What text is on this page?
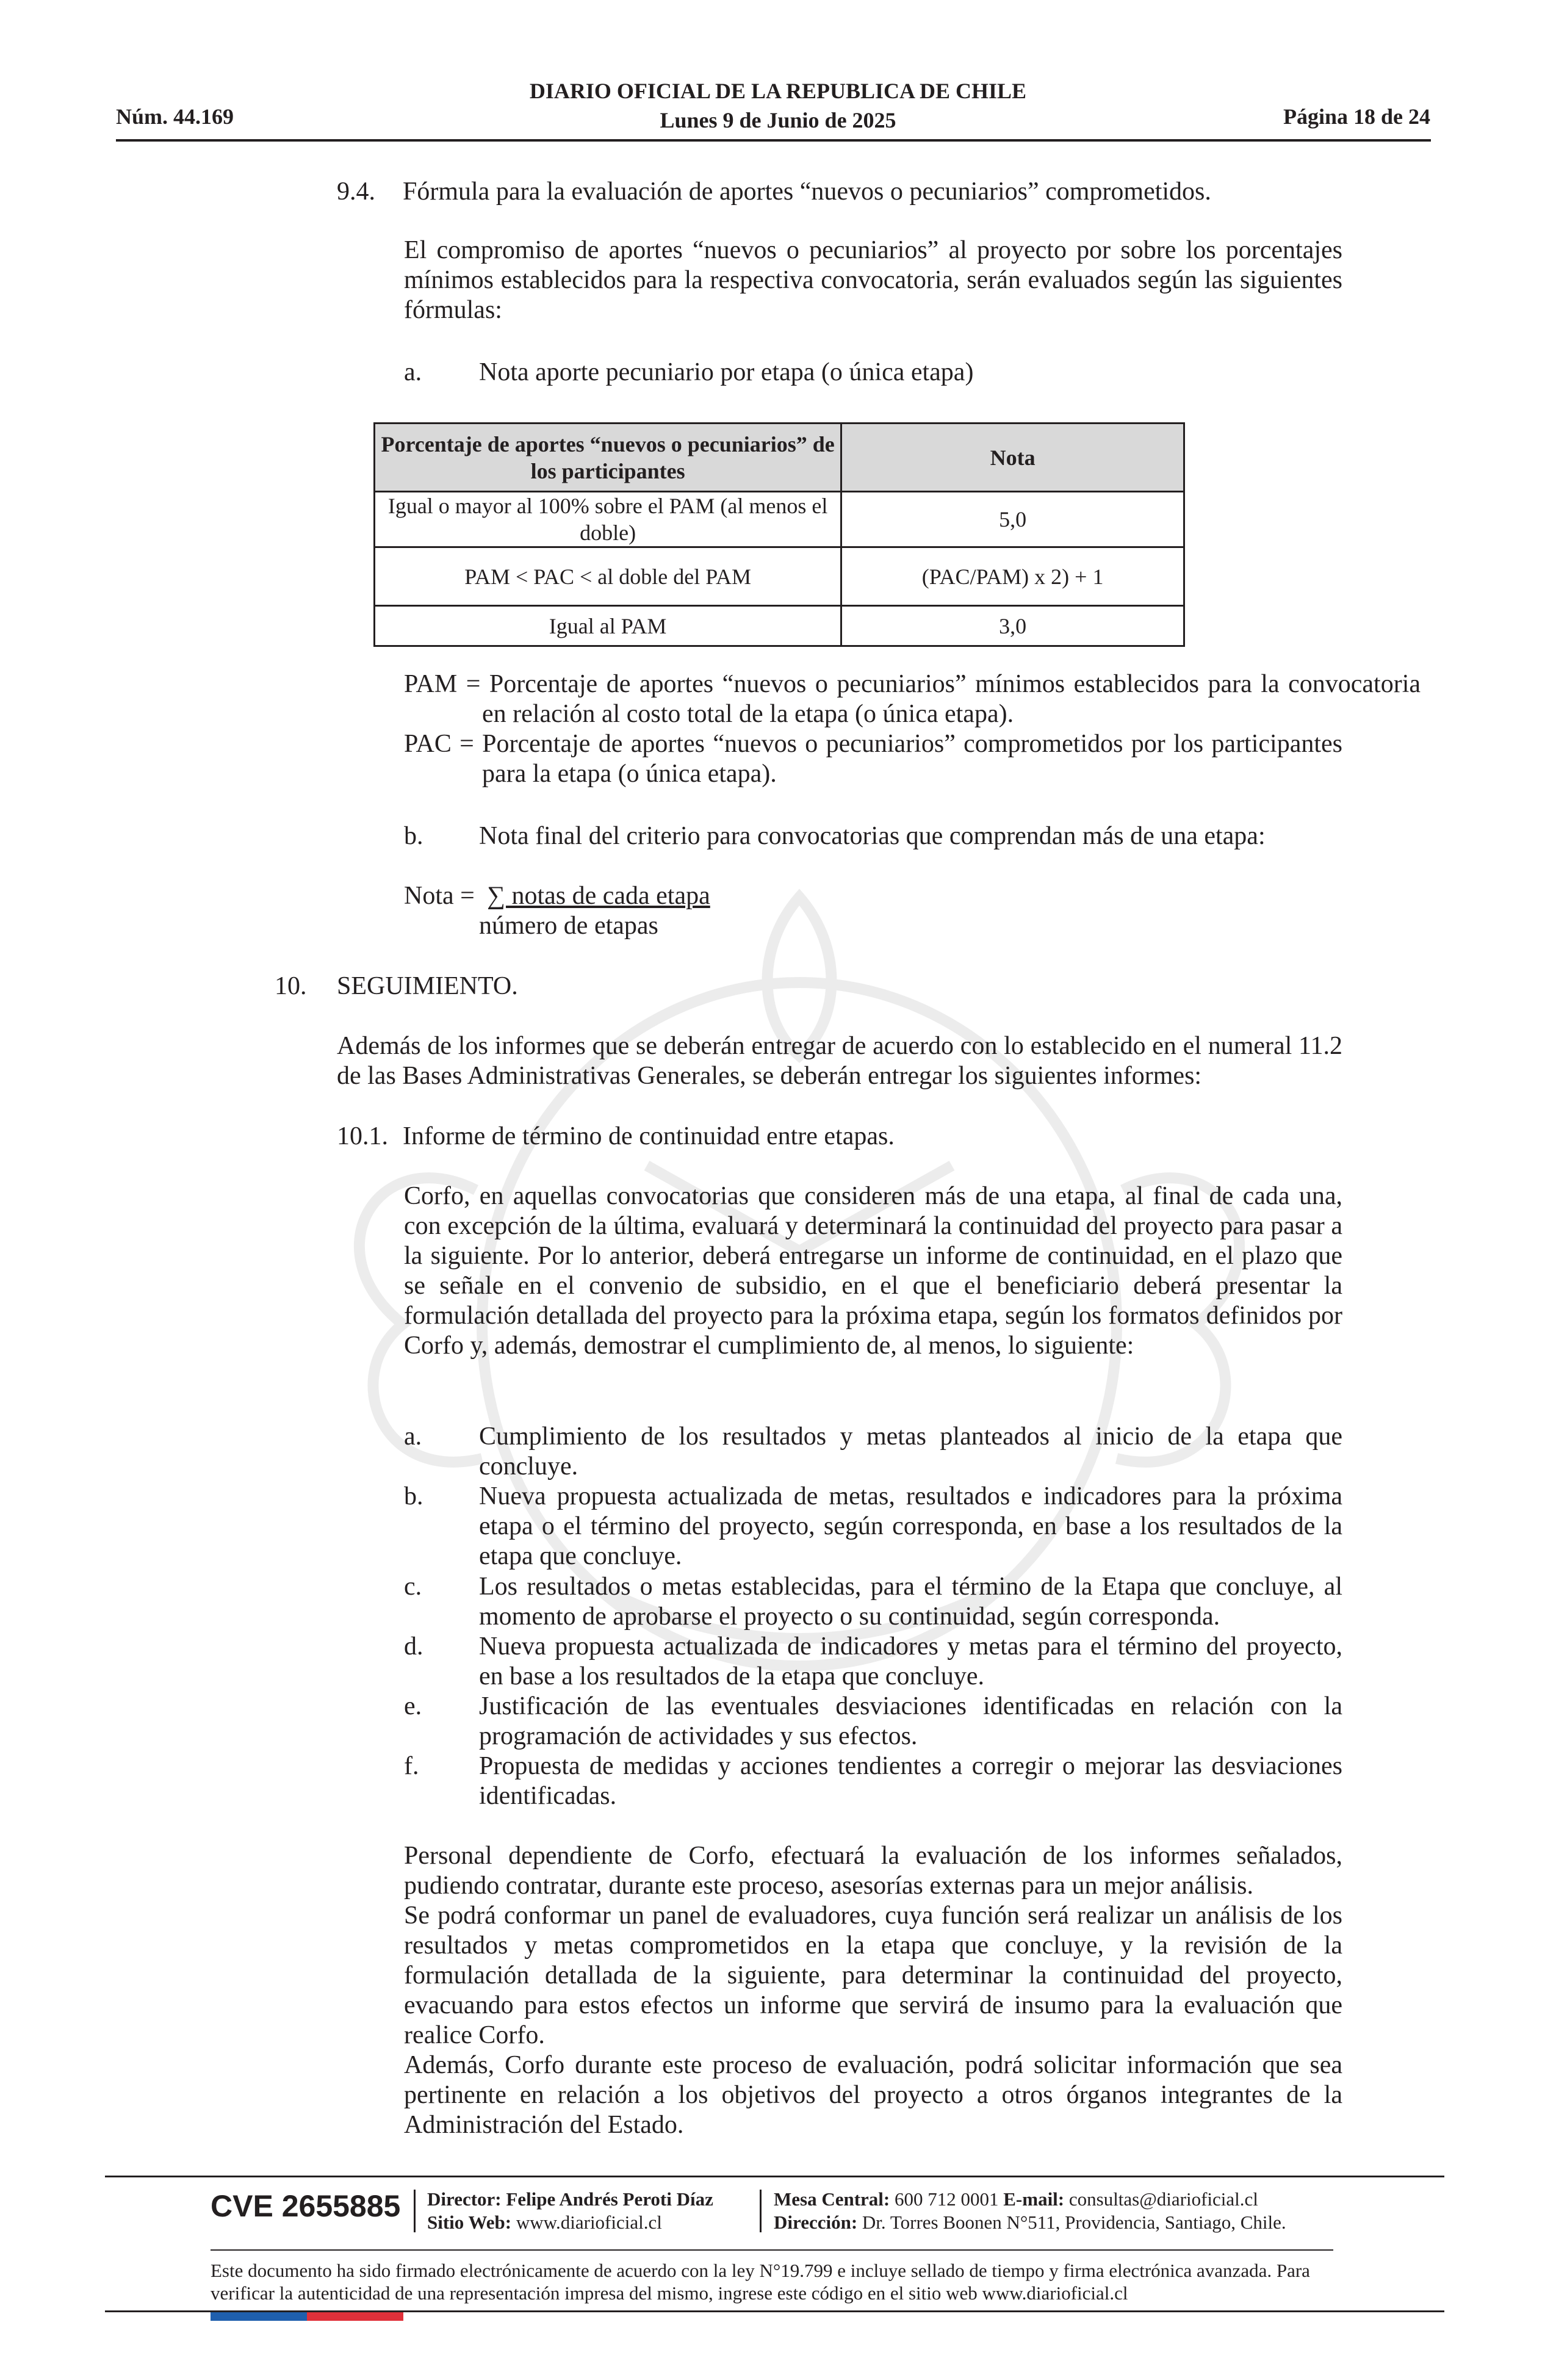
Núm. 44.169
DIARIO OFICIAL DE LA REPUBLICA DE CHILE
Lunes 9 de Junio de 2025	Página 18 de 24
9.4. Fórmula para la evaluación de aportes “nuevos o pecuniarios” comprometidos.
El compromiso de aportes “nuevos o pecuniarios” al proyecto por sobre los porcentajes mínimos establecidos para la respectiva convocatoria, serán evaluados según las siguientes fórmulas:
a. Nota aporte pecuniario por etapa (o única etapa)
Porcentaje de aportes “nuevos o pecuniarios” de los participantes	Nota
Igual o mayor al 100% sobre el PAM (al menos el doble)	5,0
PAM < PAC < al doble del PAM	(PAC/PAM) x 2) + 1
Igual al PAM	3,0
PAM = Porcentaje de aportes “nuevos o pecuniarios” mínimos establecidos para la convocatoria en relación al costo total de la etapa (o única etapa).
PAC = Porcentaje de aportes “nuevos o pecuniarios” comprometidos por los participantes para la etapa (o única etapa).
b. Nota final del criterio para convocatorias que comprendan más de una etapa:
Nota = ∑ notas de cada etapa
número de etapas
10. SEGUIMIENTO.
Además de los informes que se deberán entregar de acuerdo con lo establecido en el numeral 11.2 de las Bases Administrativas Generales, se deberán entregar los siguientes informes:
10.1. Informe de término de continuidad entre etapas.
Corfo, en aquellas convocatorias que consideren más de una etapa, al final de cada una, con excepción de la última, evaluará y determinará la continuidad del proyecto para pasar a la siguiente. Por lo anterior, deberá entregarse un informe de continuidad, en el plazo que se señale en el convenio de subsidio, en el que el beneficiario deberá presentar la formulación detallada del proyecto para la próxima etapa, según los formatos definidos por Corfo y, además, demostrar el cumplimiento de, al menos, lo siguiente:
a. Cumplimiento de los resultados y metas planteados al inicio de la etapa que concluye.
b. Nueva propuesta actualizada de metas, resultados e indicadores para la próxima etapa o el término del proyecto, según corresponda, en base a los resultados de la etapa que concluye.
c. Los resultados o metas establecidas, para el término de la Etapa que concluye, al momento de aprobarse el proyecto o su continuidad, según corresponda.
d. Nueva propuesta actualizada de indicadores y metas para el término del proyecto, en base a los resultados de la etapa que concluye.
e. Justificación de las eventuales desviaciones identificadas en relación con la programación de actividades y sus efectos.
f. Propuesta de medidas y acciones tendientes a corregir o mejorar las desviaciones identificadas.
Personal dependiente de Corfo, efectuará la evaluación de los informes señalados, pudiendo contratar, durante este proceso, asesorías externas para un mejor análisis.
Se podrá conformar un panel de evaluadores, cuya función será realizar un análisis de los resultados y metas comprometidos en la etapa que concluye, y la revisión de la formulación detallada de la siguiente, para determinar la continuidad del proyecto, evacuando para estos efectos un informe que servirá de insumo para la evaluación que realice Corfo.
Además, Corfo durante este proceso de evaluación, podrá solicitar información que sea pertinente en relación a los objetivos del proyecto a otros órganos integrantes de la Administración del Estado.
CVE 2655885 Director: Felipe Andrés Peroti Díaz
Sitio Web: www.diarioficial.cl
Mesa Central: 600 712 0001 E-mail: consultas@diarioficial.cl
Dirección: Dr. Torres Boonen N°511, Providencia, Santiago, Chile.
Este documento ha sido firmado electrónicamente de acuerdo con la ley N°19.799 e incluye sellado de tiempo y firma electrónica avanzada. Para verificar la autenticidad de una representación impresa del mismo, ingrese este código en el sitio web www.diarioficial.cl
